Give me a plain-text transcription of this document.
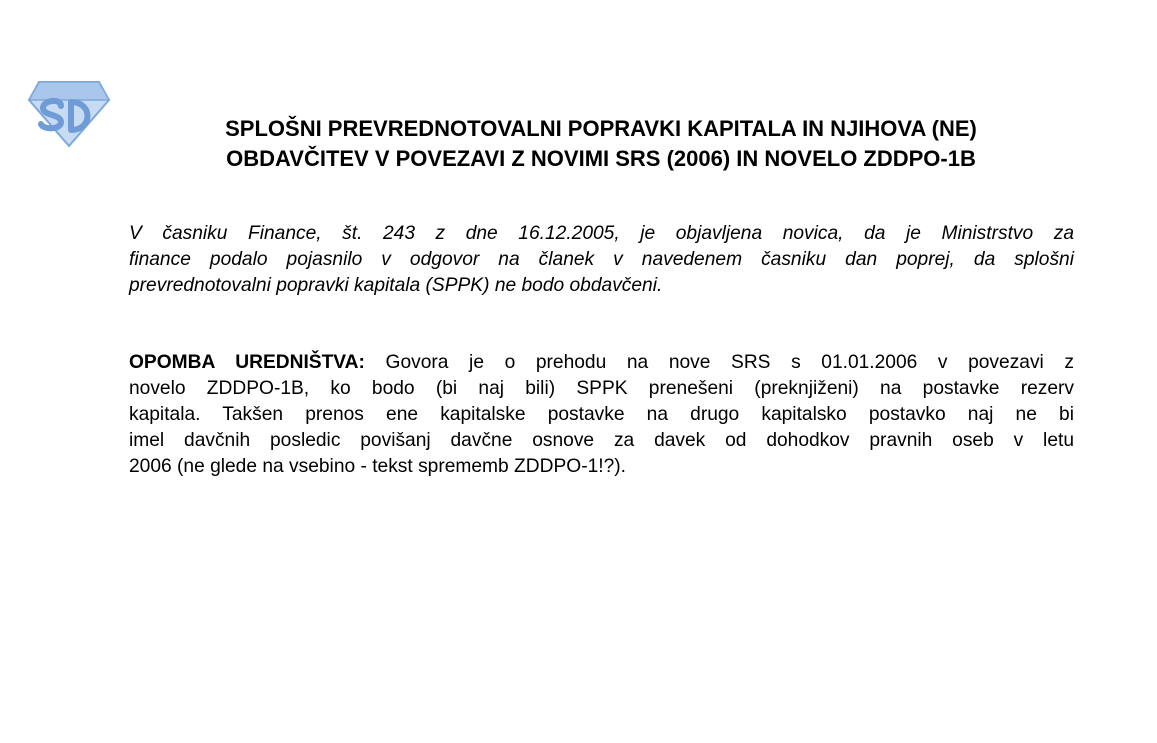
SPLOŠNI PREVREDNOTOVALNI POPRAVKI KAPITALA IN NJIHOVA (NE)
OBDAVČITEV V POVEZAVI Z NOVIMI SRS (2006) IN NOVELO ZDDPO-1B

V časniku Finance, št. 243 z dne 16.12.2005, je objavljena novica, da je Ministrstvo za
finance podalo pojasnilo v odgovor na članek v navedenem časniku dan poprej, da splošni
prevrednotovalni popravki kapitala (SPPK) ne bodo obdavčeni.

OPOMBA UREDNIŠTVA: Govora je o prehodu na nove SRS s 01.01.2006 v povezavi z
novelo ZDDPO-1B, ko bodo (bi naj bili) SPPK prenešeni (preknjiženi) na postavke rezerv
kapitala. Takšen prenos ene kapitalske postavke na drugo kapitalsko postavko naj ne bi
imel davčnih posledic povišanj davčne osnove za davek od dohodkov pravnih oseb v letu
2006 (ne glede na vsebino - tekst sprememb ZDDPO-1!?).
